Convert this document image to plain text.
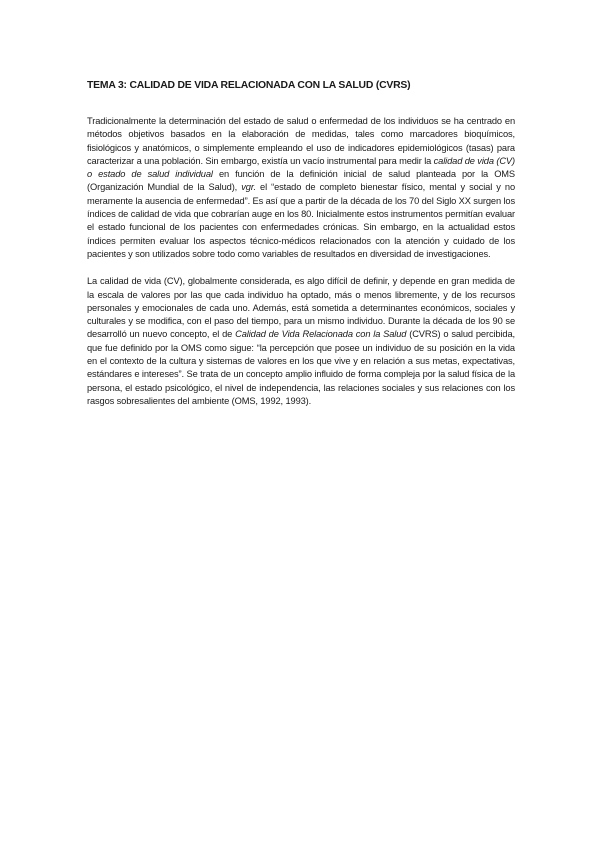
TEMA 3: CALIDAD DE VIDA RELACIONADA CON LA SALUD (CVRS)

Tradicionalmente la determinación del estado de salud o enfermedad de los individuos se ha centrado en métodos objetivos basados en la elaboración de medidas, tales como marcadores bioquímicos, fisiológicos y anatómicos, o simplemente empleando el uso de indicadores epidemiológicos (tasas) para caracterizar a una población. Sin embargo, existía un vacío instrumental para medir la calidad de vida (CV) o estado de salud individual en función de la definición inicial de salud planteada por la OMS (Organización Mundial de la Salud), vgr. el “estado de completo bienestar físico, mental y social y no meramente la ausencia de enfermedad”. Es así que a partir de la década de los 70 del Siglo XX surgen los índices de calidad de vida que cobrarían auge en los 80. Inicialmente estos instrumentos permitían evaluar el estado funcional de los pacientes con enfermedades crónicas. Sin embargo, en la actualidad estos índices permiten evaluar los aspectos técnico-médicos relacionados con la atención y cuidado de los pacientes y son utilizados sobre todo como variables de resultados en diversidad de investigaciones.

La calidad de vida (CV), globalmente considerada, es algo difícil de definir, y depende en gran medida de la escala de valores por las que cada individuo ha optado, más o menos libremente, y de los recursos personales y emocionales de cada uno. Además, está sometida a determinantes económicos, sociales y culturales y se modifica, con el paso del tiempo, para un mismo individuo. Durante la década de los 90 se desarrolló un nuevo concepto, el de Calidad de Vida Relacionada con la Salud (CVRS) o salud percibida, que fue definido por la OMS como sigue: “la percepción que posee un individuo de su posición en la vida en el contexto de la cultura y sistemas de valores en los que vive y en relación a sus metas, expectativas, estándares e intereses”. Se trata de un concepto amplio influido de forma compleja por la salud física de la persona, el estado psicológico, el nivel de independencia, las relaciones sociales y sus relaciones con los rasgos sobresalientes del ambiente (OMS, 1992, 1993).
